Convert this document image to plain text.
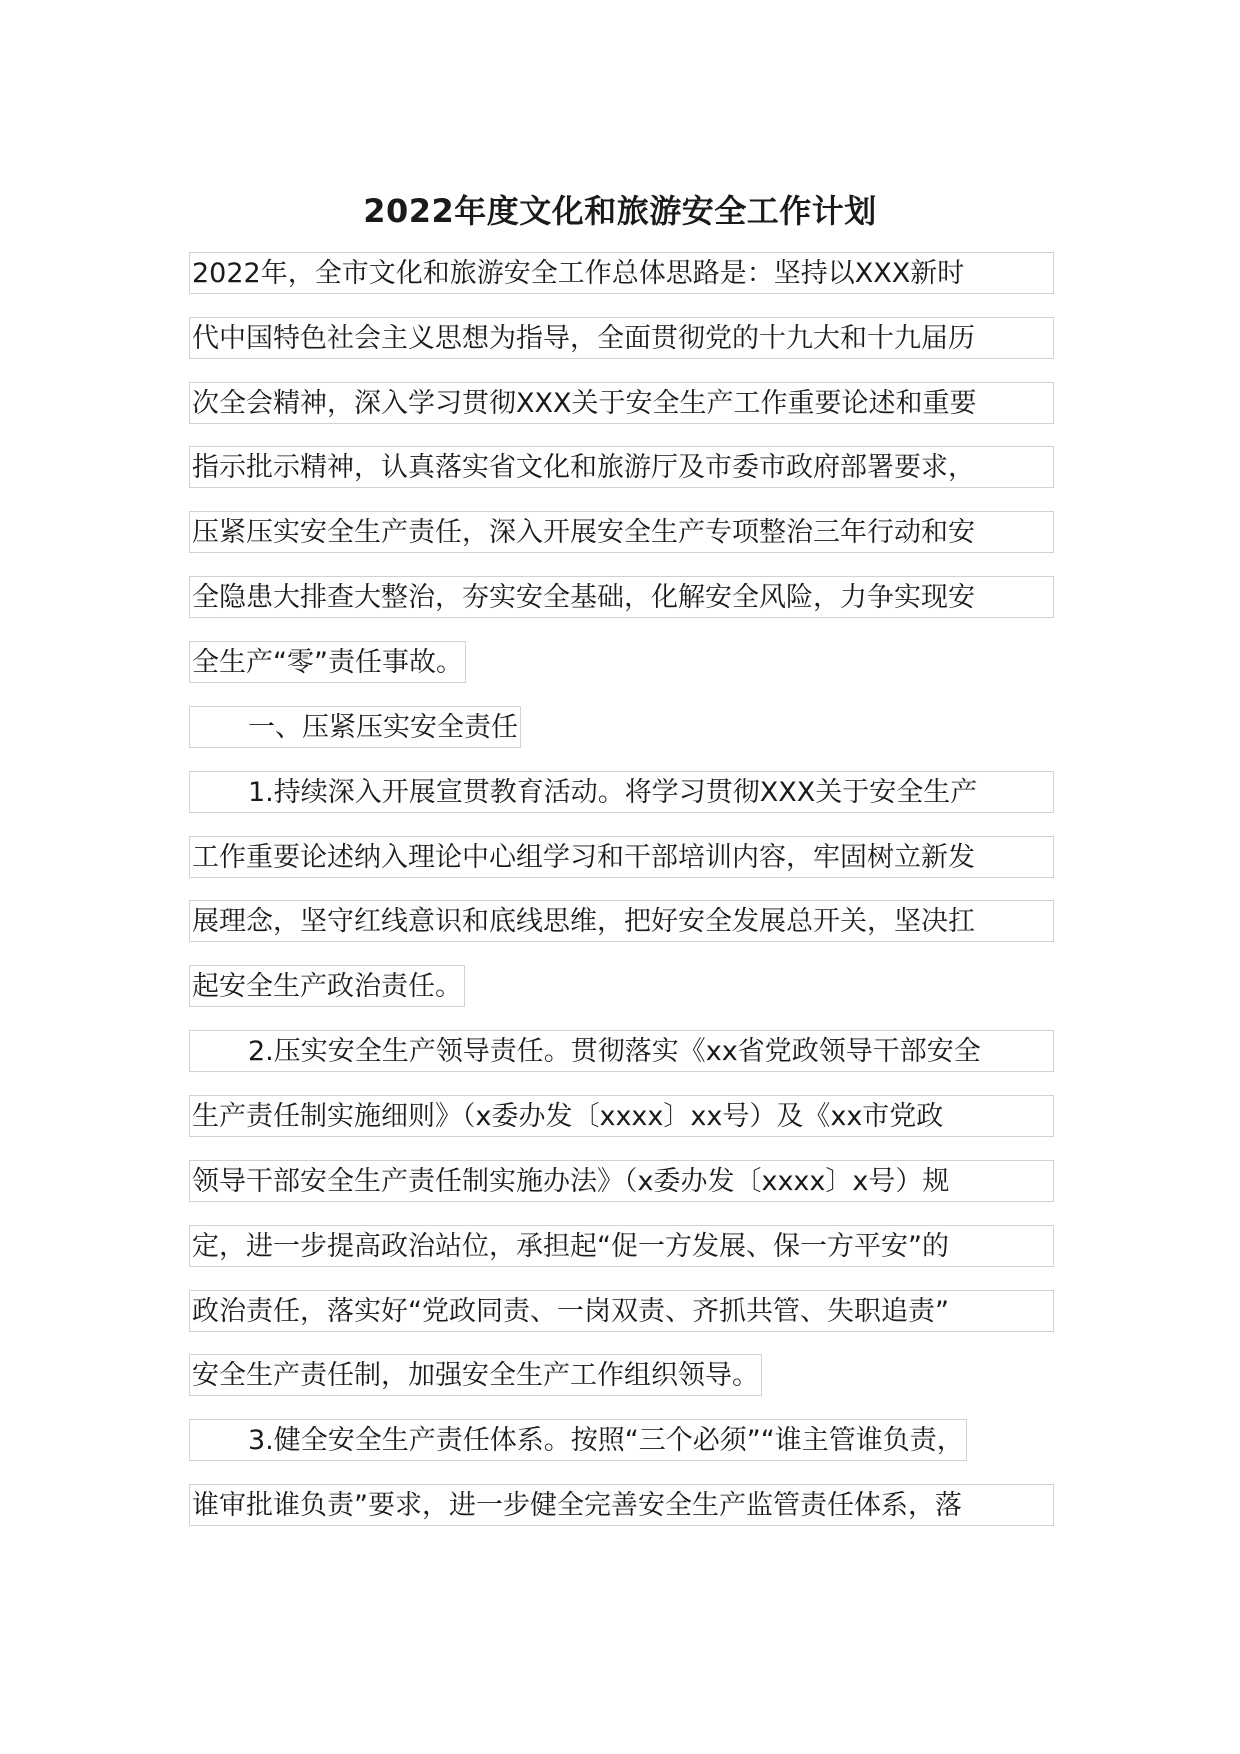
2022年度文化和旅游安全工作计划
2022年，全市文化和旅游安全工作总体思路是：坚持以XXX新时
代中国特色社会主义思想为指导，全面贯彻党的十九大和十九届历
次全会精神，深入学习贯彻XXX关于安全生产工作重要论述和重要
指示批示精神，认真落实省文化和旅游厅及市委市政府部署要求，
压紧压实安全生产责任，深入开展安全生产专项整治三年行动和安
全隐患大排查大整治，夯实安全基础，化解安全风险，力争实现安
全生产“零”责任事故。
一、压紧压实安全责任
1.持续深入开展宣贯教育活动。将学习贯彻XXX关于安全生产
工作重要论述纳入理论中心组学习和干部培训内容，牢固树立新发
展理念，坚守红线意识和底线思维，把好安全发展总开关，坚决扛
起安全生产政治责任。
2.压实安全生产领导责任。贯彻落实《xx省党政领导干部安全
生产责任制实施细则》（x委办发〔xxxx〕xx号）及《xx市党政
领导干部安全生产责任制实施办法》（x委办发〔xxxx〕x号）规
定，进一步提高政治站位，承担起“促一方发展、保一方平安”的
政治责任，落实好“党政同责、一岗双责、齐抓共管、失职追责”
安全生产责任制，加强安全生产工作组织领导。
3.健全安全生产责任体系。按照“三个必须”“谁主管谁负责，
谁审批谁负责”要求，进一步健全完善安全生产监管责任体系，落
